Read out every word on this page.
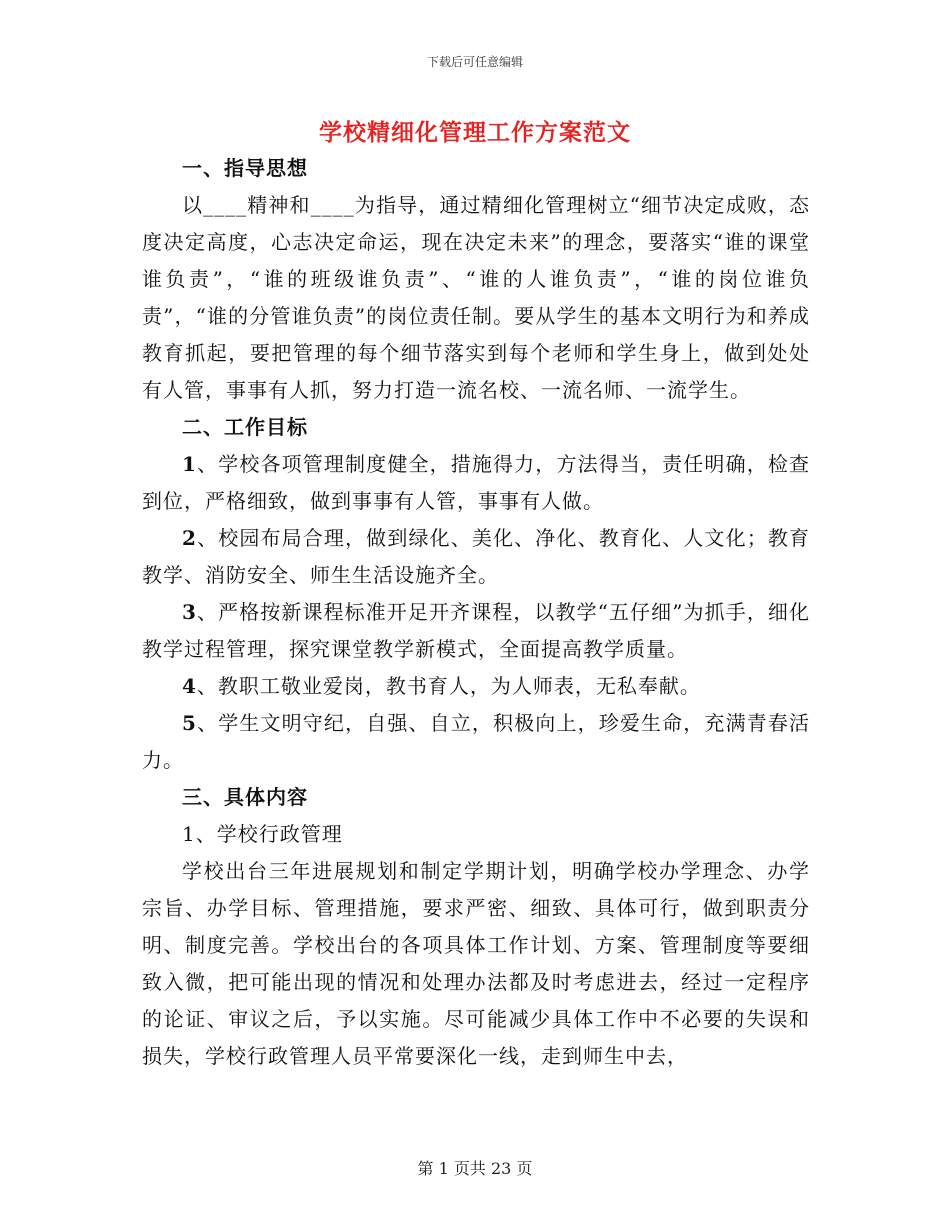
下载后可任意编辑
学校精细化管理工作方案范文

一、指导思想

以____精神和____为指导，通过精细化管理树立“细节决定成败，态度决定高度，心志决定命运，现在决定未来”的理念，要落实“谁的课堂谁负责”，“谁的班级谁负责”、“谁的人谁负责”，“谁的岗位谁负责”，“谁的分管谁负责”的岗位责任制。要从学生的基本文明行为和养成教育抓起，要把管理的每个细节落实到每个老师和学生身上，做到处处有人管，事事有人抓，努力打造一流名校、一流名师、一流学生。

二、工作目标

1、学校各项管理制度健全，措施得力，方法得当，责任明确，检查到位，严格细致，做到事事有人管，事事有人做。

2、校园布局合理，做到绿化、美化、净化、教育化、人文化；教育教学、消防安全、师生生活设施齐全。

3、严格按新课程标准开足开齐课程，以教学“五仔细”为抓手，细化教学过程管理，探究课堂教学新模式，全面提高教学质量。

4、教职工敬业爱岗，教书育人，为人师表，无私奉献。

5、学生文明守纪，自强、自立，积极向上，珍爱生命，充满青春活力。

三、具体内容

1、学校行政管理

学校出台三年进展规划和制定学期计划，明确学校办学理念、办学宗旨、办学目标、管理措施，要求严密、细致、具体可行，做到职责分明、制度完善。学校出台的各项具体工作计划、方案、管理制度等要细致入微，把可能出现的情况和处理办法都及时考虑进去，经过一定程序的论证、审议之后，予以实施。尽可能减少具体工作中不必要的失误和损失，学校行政管理人员平常要深化一线，走到师生中去，

第 1 页共 23 页
